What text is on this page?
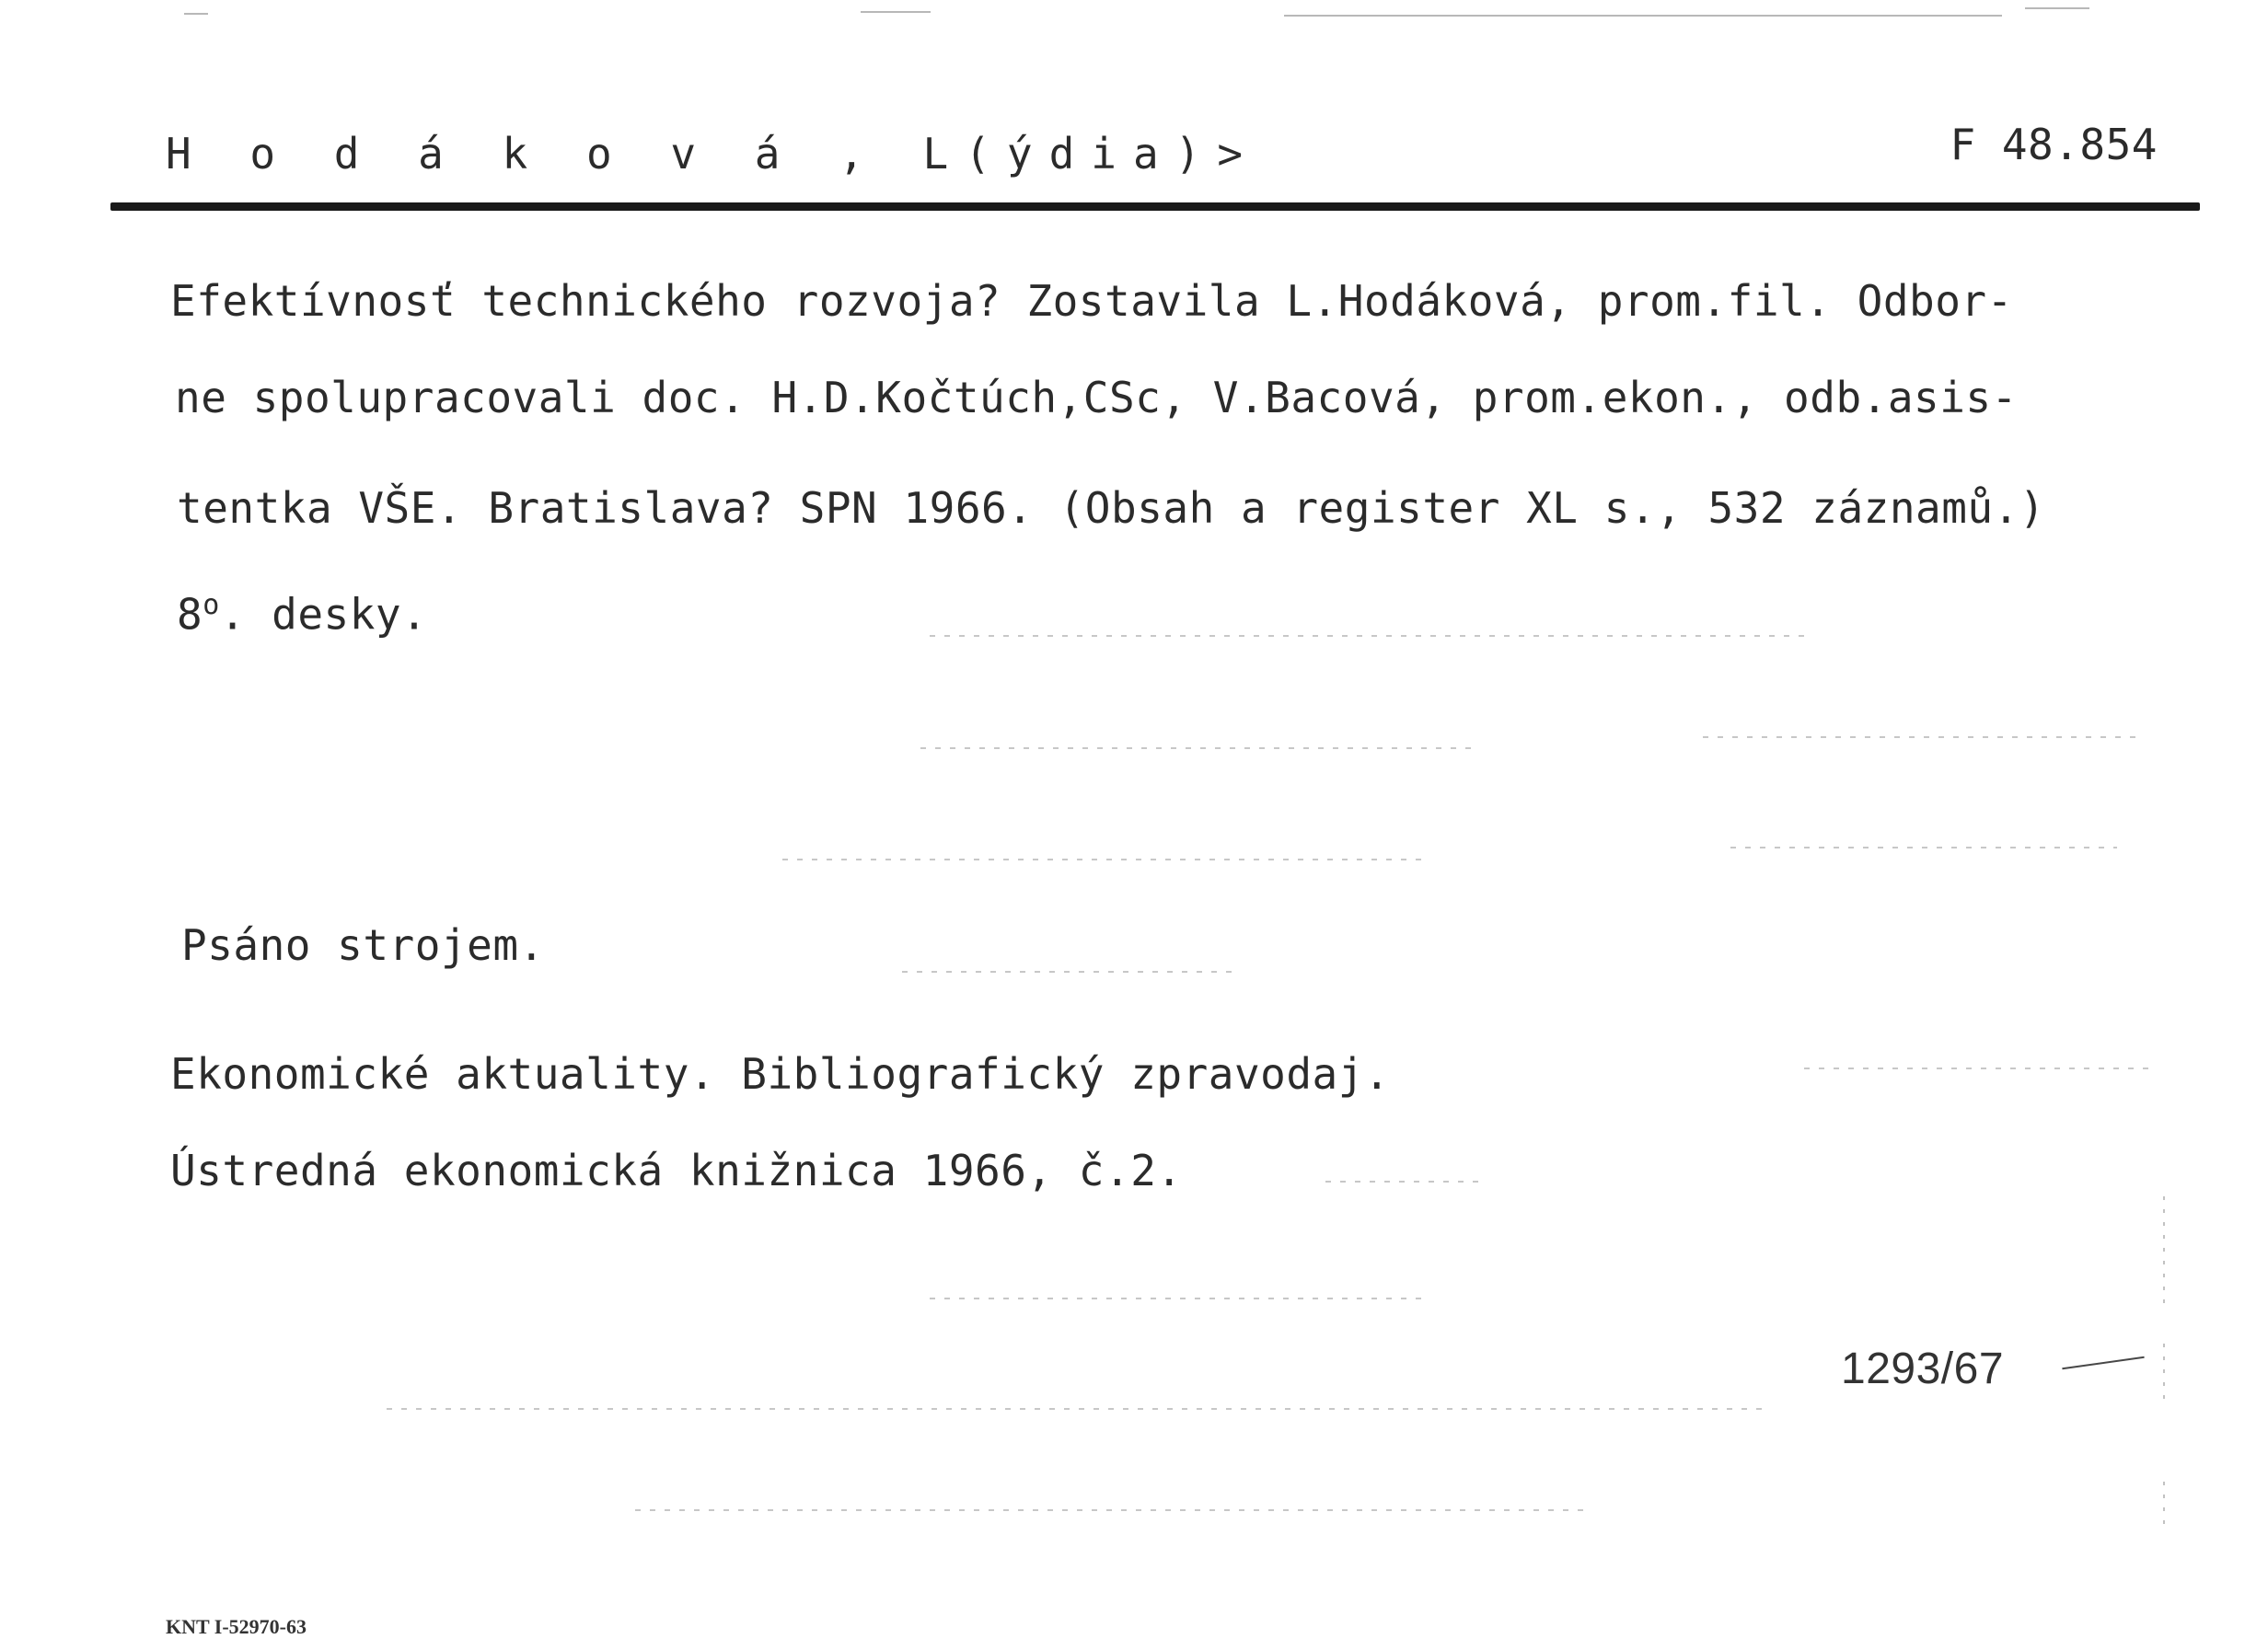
H o d á k o v á , L(ýdia)>	F 48.854
Efektívnosť technického rozvoja? Zostavila L.Hodáková, prom.fil. Odbor-
ne spolupracovali doc. H.D.Kočtúch,CSc, V.Bacová, prom.ekon., odb.asis-
tentka VŠE. Bratislava? SPN 1966. (Obsah a register XL s., 532 záznamů.)
8$^o$. desky.
Psáno strojem.
Ekonomické aktuality. Bibliografický zpravodaj.
Ústredná ekonomická knižnica 1966, č.2.
1293/67
KNT I-52970-63
